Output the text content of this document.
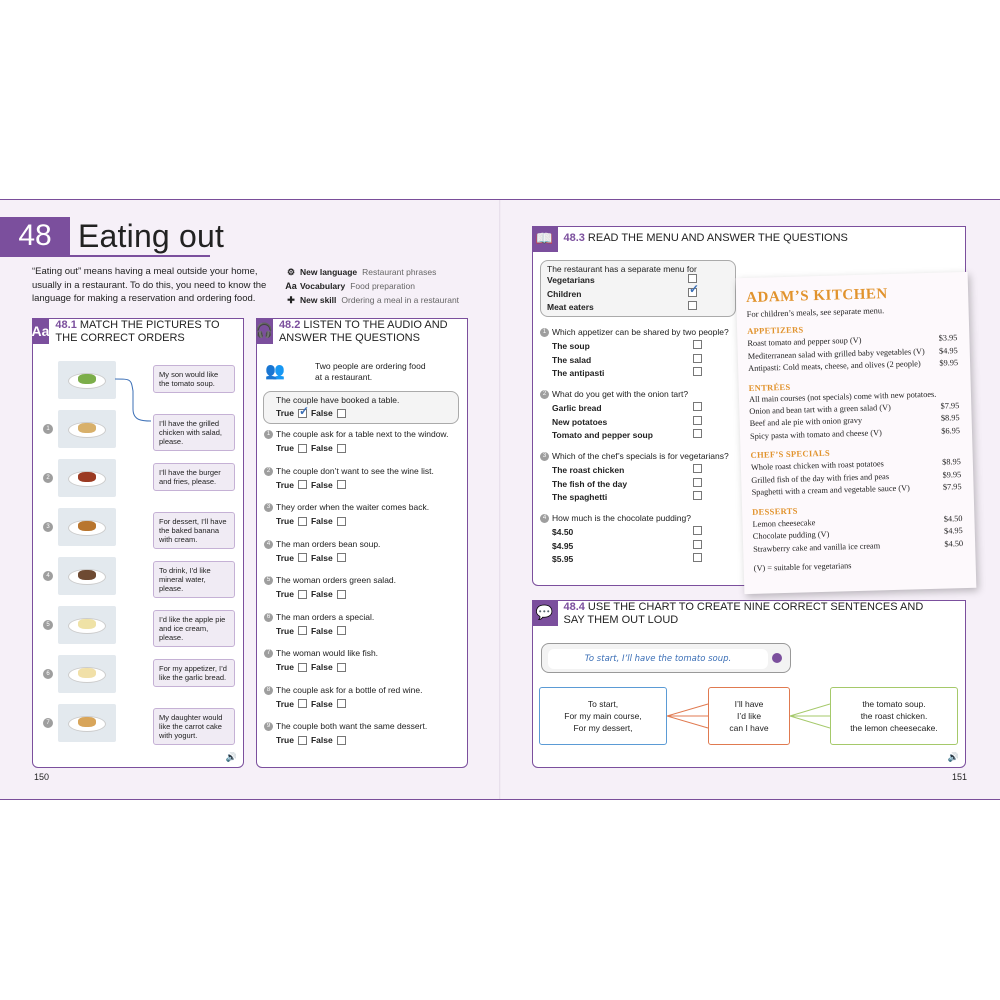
48 Eating out
“Eating out” means having a meal outside your home, usually in a restaurant. To do this, you need to know the language for making a reservation and ordering food.
⚙ New language Restaurant phrases
Aa Vocabulary Food preparation
✚ New skill Ordering a meal in a restaurant
Aa 48.1 MATCH THE PICTURES TO THE CORRECT ORDERS
1
2
3
4
5
6
7
My son would like the tomato soup.
I’ll have the grilled chicken with salad, please.
I’ll have the burger and fries, please.
For dessert, I’ll have the baked banana with cream.
To drink, I’d like mineral water, please.
I’d like the apple pie and ice cream, please.
For my appetizer, I’d like the garlic bread.
My daughter would like the carrot cake with yogurt.
🔊
🎧 48.2 LISTEN TO THE AUDIO AND ANSWER THE QUESTIONS
👥	Two people are ordering food at a restaurant.
The couple have booked a table.
True
✓ False
1 The couple ask for a table next to the window.
True False
2 The couple don’t want to see the wine list.
True False
3 They order when the waiter comes back.
True False
4 The man orders bean soup.
True False
5 The woman orders green salad.
True False
6 The man orders a special.
True False
7 The woman would like fish.
True False
8 The couple ask for a bottle of red wine.
True False
9 The couple both want the same dessert.
True False
150
📖 48.3 READ THE MENU AND ANSWER THE QUESTIONS
The restaurant has a separate menu for
Vegetarians
Children
✓
Meat eaters
1 Which appetizer can be shared by two people?
The soup
The salad
The antipasti
2 What do you get with the onion tart?
Garlic bread
New potatoes
Tomato and pepper soup
3 Which of the chef’s specials is for vegetarians?
The roast chicken
The fish of the day
The spaghetti
4 How much is the chocolate pudding?
$4.50
$4.95
$5.95
ADAM’S KITCHEN
For children’s meals, see separate menu.
APPETIZERS
Roast tomato and pepper soup (V)	$3.95
Mediterranean salad with grilled baby vegetables (V) $4.95
Antipasti: Cold meats, cheese, and olives (2 people) $9.95
ENTRÉES
All main courses (not specials) come with new potatoes.
Onion and bean tart with a green salad (V)	$7.95
Beef and ale pie with onion gravy	$8.95
Spicy pasta with tomato and cheese (V)	$6.95
CHEF’S SPECIALS
Whole roast chicken with roast potatoes	$8.95
Grilled fish of the day with fries and peas	$9.95
Spaghetti with a cream and vegetable sauce (V)	$7.95
DESSERTS
Lemon cheesecake	$4.50
Chocolate pudding (V)	$4.95
Strawberry cake and vanilla ice cream	$4.50
(V) = suitable for vegetarians
💬 48.4 USE THE CHART TO CREATE NINE CORRECT SENTENCES AND SAY THEM OUT LOUD
🔊
To start, I’ll have the tomato soup.
To start,
For my main course,
For my dessert,
I’ll have
I’d like
can I have
the tomato soup.
the roast chicken.
the lemon cheesecake.
151
